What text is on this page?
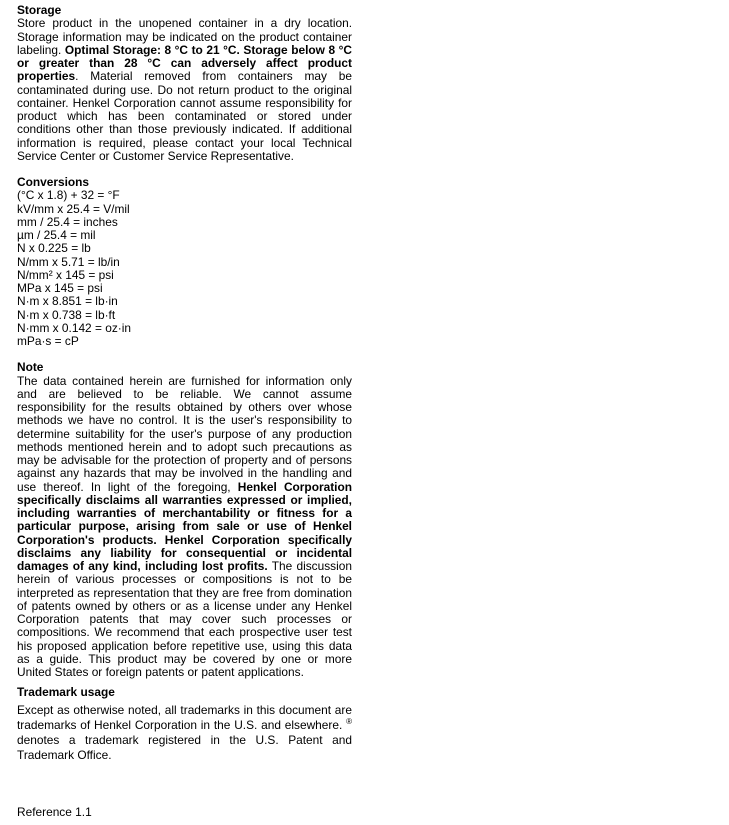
Storage

Store product in the unopened container in a dry location. Storage information may be indicated on the product container labeling. Optimal Storage: 8 °C to 21 °C. Storage below 8 °C or greater than 28 °C can adversely affect product properties. Material removed from containers may be contaminated during use. Do not return product to the original container. Henkel Corporation cannot assume responsibility for product which has been contaminated or stored under conditions other than those previously indicated. If additional information is required, please contact your local Technical Service Center or Customer Service Representative.

Conversions
(°C x 1.8) + 32 = °F
kV/mm x 25.4 = V/mil
mm / 25.4 = inches
µm / 25.4 = mil
N x 0.225 = lb
N/mm x 5.71 = lb/in
N/mm² x 145 = psi
MPa x 145 = psi
N·m x 8.851 = lb·in
N·m x 0.738 = lb·ft
N·mm x 0.142 = oz·in
mPa·s = cP
Note

The data contained herein are furnished for information only and are believed to be reliable. We cannot assume responsibility for the results obtained by others over whose methods we have no control. It is the user's responsibility to determine suitability for the user's purpose of any production methods mentioned herein and to adopt such precautions as may be advisable for the protection of property and of persons against any hazards that may be involved in the handling and use thereof. In light of the foregoing, Henkel Corporation specifically disclaims all warranties expressed or implied, including warranties of merchantability or fitness for a particular purpose, arising from sale or use of Henkel Corporation's products. Henkel Corporation specifically disclaims any liability for consequential or incidental damages of any kind, including lost profits. The discussion herein of various processes or compositions is not to be interpreted as representation that they are free from domination of patents owned by others or as a license under any Henkel Corporation patents that may cover such processes or compositions. We recommend that each prospective user test his proposed application before repetitive use, using this data as a guide. This product may be covered by one or more United States or foreign patents or patent applications.

Trademark usage

Except as otherwise noted, all trademarks in this document are trademarks of Henkel Corporation in the U.S. and elsewhere. ® denotes a trademark registered in the U.S. Patent and Trademark Office.

Reference 1.1
